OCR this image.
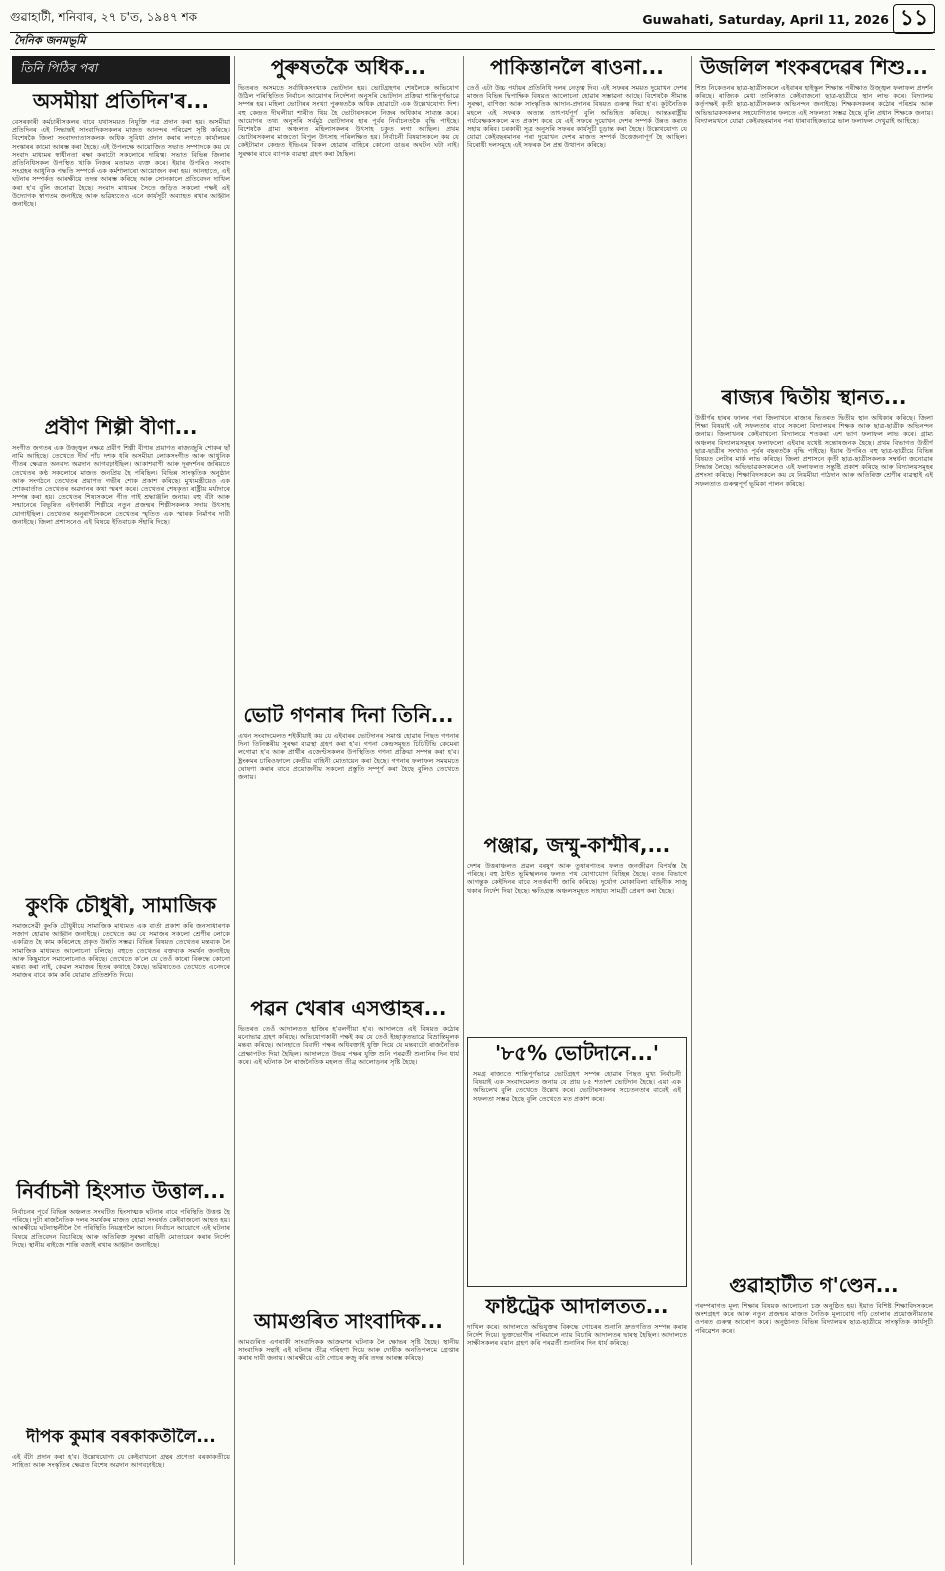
গুৱাহাটী, শনিবাৰ, ২৭ চ'ত, ১৯৪৭ শক	Guwahati, Saturday, April 11, 2026 ১১
দৈনিক জনমভূমি
তিনি পিঠিৰ পৰা
অসমীয়া প্ৰতিদিন'ৰ...

বেসৰকাৰী কৰ্মচাৰীসকলৰ বাবে যথাসময়ত নিযুক্তি পত্ৰ প্ৰদান কৰা হয়। অসমীয়া প্ৰতিদিনৰ এই সিদ্ধান্তই সাংবাদিকসকলৰ মাজত আনন্দৰ পৰিৱেশ সৃষ্টি কৰিছে। বিশেষকৈ জিলা সংবাদদাতাসকলক অধিক সুবিধা প্ৰদান কৰাৰ লগতে কাৰ্যালয়ৰ সংস্কাৰৰ কামো আৰম্ভ কৰা হৈছে। এই উপলক্ষে আয়োজিত সভাত সম্পাদকে কয় যে সংবাদ মাধ্যমৰ স্বাধীনতা ৰক্ষা কৰাটো সকলোৰে দায়িত্ব। সভাত বিভিন্ন জিলাৰ প্ৰতিনিধিসকল উপস্থিত থাকি নিজৰ মতামত ব্যক্ত কৰে। ইয়াৰ উপৰিও সংবাদ সংগ্ৰহৰ আধুনিক পদ্ধতি সম্পৰ্কে এক কৰ্মশালাৰো আয়োজন কৰা হয়। আনহাতে, এই ঘটনাৰ সম্পৰ্কত আৰক্ষীয়ে তদন্ত আৰম্ভ কৰিছে আৰু সোনকালে প্ৰতিবেদন দাখিল কৰা হ'ব বুলি জনোৱা হৈছে। সংবাদ মাধ্যমৰ সৈতে জড়িত সকলো পক্ষই এই উদ্যোগক স্বাগতম জনাইছে আৰু ভৱিষ্যতেও এনে কাৰ্যসূচী অব্যাহত ৰখাৰ আহ্বান জনাইছে।

প্ৰবীণ শিল্পী বীণা...

সংগীত জগতৰ এক উজ্জ্বল নক্ষত্ৰ প্ৰবীণ শিল্পী বীণাৰ প্ৰয়াণত ৰাজ্যজুৰি শোকৰ ছাঁ নামি আহিছে। তেখেতে দীৰ্ঘ পাঁচ দশক ধৰি অসমীয়া লোকসংগীত আৰু আধুনিক গীতৰ ক্ষেত্ৰত অনবদ্য অৱদান আগবঢ়াইছিল। আকাশবাণী আৰু দূৰদৰ্শনৰ জৰিয়তে তেখেতৰ কণ্ঠ সকলোৰে মাজত জনপ্ৰিয় হৈ পৰিছিল। বিভিন্ন সাংস্কৃতিক অনুষ্ঠান আৰু সংগঠনে তেখেতৰ প্ৰয়াণত গভীৰ শোক প্ৰকাশ কৰিছে। মুখ্যমন্ত্ৰীয়েও এক শোকবাৰ্তাত তেখেতৰ অৱদানৰ কথা স্মৰণ কৰে। তেখেতৰ শেষকৃত্য ৰাষ্ট্ৰীয় মৰ্যাদাৰে সম্পন্ন কৰা হয়। তেখেতৰ শিষ্যসকলে গীত গাই শ্ৰদ্ধাঞ্জলি জনায়। বহু বঁটা আৰু সন্মানেৰে বিভূষিত এইগৰাকী শিল্পীয়ে নতুন প্ৰজন্মৰ শিল্পীসকলক সদায় উৎসাহ যোগাইছিল। তেখেতৰ অনুৰাগীসকলে তেখেতৰ স্মৃতিত এক স্মাৰক নিৰ্মাণৰ দাবী জনাইছে। জিলা প্ৰশাসনেও এই বিষয়ে ইতিবাচক সঁহাৰি দিছে।

কুংকি চৌধুৰী, সামাজিক

সমাজসেৱী কুংকি চৌধুৰীয়ে সামাজিক মাধ্যমত এক বাৰ্তা প্ৰকাশ কৰি জনসাধাৰণক সজাগ হোৱাৰ আহ্বান জনাইছে। তেখেতে কয় যে সমাজৰ সকলো শ্ৰেণীৰ লোকে একত্ৰিত হৈ কাম কৰিলেহে প্ৰকৃত উন্নতি সম্ভৱ। বিভিন্ন বিষয়ত তেখেতৰ মন্তব্যক লৈ সামাজিক মাধ্যমত আলোচনা চলিছে। বহুতে তেখেতৰ বক্তব্যক সমৰ্থন জনাইছে আৰু কিছুমানে সমালোচনাও কৰিছে। তেখেতে ক'লে যে তেওঁ কাৰো বিৰুদ্ধে কোনো মন্তব্য কৰা নাই, কেৱল সমাজৰ হিতৰ কথাহে কৈছে। ভৱিষ্যতেও তেখেতে এনেদৰে সমাজৰ বাবে কাম কৰি যোৱাৰ প্ৰতিশ্ৰুতি দিয়ে।

নিৰ্বাচনী হিংসাত উত্তাল...

নিৰ্বাচনৰ পূৰ্বে বিভিন্ন অঞ্চলত সংঘটিত হিংসাত্মক ঘটনাৰ বাবে পৰিস্থিতি উত্তপ্ত হৈ পৰিছে। দুটা ৰাজনৈতিক দলৰ সমৰ্থকৰ মাজত হোৱা সংঘৰ্ষত কেইবাজনো আহত হয়। আৰক্ষীয়ে ঘটনাস্থলীলৈ গৈ পৰিস্থিতি নিয়ন্ত্ৰণলৈ আনে। নিৰ্বাচন আয়োগে এই ঘটনাৰ বিষয়ে প্ৰতিবেদন বিচাৰিছে আৰু অতিৰিক্ত সুৰক্ষা বাহিনী মোতায়েন কৰাৰ নিৰ্দেশ দিছে। স্থানীয় ৰাইজে শান্তি বজাই ৰখাৰ আহ্বান জনাইছে।

দীপক কুমাৰ বৰকাকতীলৈ...

এই বঁটা প্ৰদান কৰা হ'ব। উল্লেখযোগ্য যে কেইবাখনো গ্ৰন্থৰ প্ৰণেতা বৰকাকতীয়ে সাহিত্য আৰু সংস্কৃতিৰ ক্ষেত্ৰত বিশেষ অৱদান আগবঢ়াইছে।

পুৰুষতকৈ অধিক...

ভিতৰত অসমতে সৰ্বাধিকসংখ্যক ভোটদান হয়। ভোটগ্ৰহণৰ শেষলৈকে অভিযোগ উঠিল পৰিস্থিতিত নিৰ্বাচন আয়োগৰ নিৰ্দেশনা অনুসৰি ভোটদান প্ৰক্ৰিয়া শান্তিপূৰ্ণভাৱে সম্পন্ন হয়। মহিলা ভোটাৰৰ সংখ্যা পুৰুষতকৈ অধিক হোৱাটো এক উল্লেখযোগ্য দিশ। বহু কেন্দ্ৰত দীঘলীয়া শাৰীত থিয় হৈ ভোটাৰসকলে নিজৰ অধিকাৰ সাব্যস্ত কৰে। আয়োগৰ তথ্য অনুসৰি সৰ্বমুঠ ভোটদানৰ হাৰ পূৰ্বৰ নিৰ্বাচনতকৈ বৃদ্ধি পাইছে। বিশেষকৈ গ্ৰাম্য অঞ্চলত মহিলাসকলৰ উৎসাহ চকুত লগা আছিল। প্ৰথম ভোটাৰসকলৰ মাজতো বিপুল উৎসাহ পৰিলক্ষিত হয়। নিৰ্বাচনী বিষয়াসকলে কয় যে কেইটামান কেন্দ্ৰত ইভিএম বিকল হোৱাৰ বাহিৰে কোনো ডাঙৰ অঘটন ঘটা নাই। সুৰক্ষাৰ বাবে ব্যাপক ব্যৱস্থা গ্ৰহণ কৰা হৈছিল।

ভোট গণনাৰ দিনা তিনি...

এখন সংবাদমেলত শইকীয়াই কয় যে এইবাৰৰ ভোটদানৰ সমাপ্ত হোৱাৰ পিছত গণনাৰ দিনা তিনিস্তৰীয় সুৰক্ষা ব্যৱস্থা গ্ৰহণ কৰা হ'ব। গণনা কেন্দ্ৰসমূহত চিচিটিভি কেমেৰা লগোৱা হ'ব আৰু প্ৰাৰ্থীৰ এজেণ্টসকলৰ উপস্থিতিত গণনা প্ৰক্ৰিয়া সম্পন্ন কৰা হ'ব। ষ্ট্ৰংৰুমৰ চাৰিওফালে কেন্দ্ৰীয় বাহিনী মোতায়েন কৰা হৈছে। গণনাৰ ফলাফল সময়মতে ঘোষণা কৰাৰ বাবে প্ৰয়োজনীয় সকলো প্ৰস্তুতি সম্পূৰ্ণ কৰা হৈছে বুলিও তেখেতে জনায়।

পৱন খেৰাৰ এসপ্তাহৰ...

ভিতৰত তেওঁ আদালতত হাজিৰ হ'বলগীয়া হ'ব। আদালতে এই বিষয়ত কঠোৰ মনোভাৱ গ্ৰহণ কৰিছে। অভিযোগকাৰী পক্ষই কয় যে তেওঁ ইচ্ছাকৃতভাৱে বিভ্ৰান্তিমূলক মন্তব্য কৰিছে। আনহাতে বিবাদী পক্ষৰ অধিবক্তাই যুক্তি দিয়ে যে মন্তব্যটো ৰাজনৈতিক প্ৰেক্ষাপটত দিয়া হৈছিল। আদালতে উভয় পক্ষৰ যুক্তি শুনি পৰৱৰ্তী শুনানিৰ দিন ধাৰ্য কৰে। এই ঘটনাক লৈ ৰাজনৈতিক মহলত তীব্ৰ আলোড়নৰ সৃষ্টি হৈছে।

আমগুৰিত সাংবাদিক...

আমগুৰিত এগৰাকী সাংবাদিকক আক্ৰমণৰ ঘটনাক লৈ ক্ষোভৰ সৃষ্টি হৈছে। স্থানীয় সাংবাদিক সন্থাই এই ঘটনাৰ তীব্ৰ গৰিহণা দিয়ে আৰু দোষীক অনতিপলমে গ্ৰেপ্তাৰ কৰাৰ দাবী জনায়। আৰক্ষীয়ে এটা গোচৰ ৰুজু কৰি তদন্ত আৰম্ভ কৰিছে।

পাকিস্তানলৈ ৰাওনা...

তেওঁ এটা উচ্চ পৰ্যায়ৰ প্ৰতিনিধি দলৰ নেতৃত্ব দিব। এই সফৰৰ সময়ত দুয়োখন দেশৰ মাজত বিভিন্ন দ্বিপাক্ষিক বিষয়ত আলোচনা হোৱাৰ সম্ভাৱনা আছে। বিশেষকৈ সীমান্ত সুৰক্ষা, বাণিজ্য আৰু সাংস্কৃতিক আদান-প্ৰদানৰ বিষয়ত গুৰুত্ব দিয়া হ'ব। কূটনৈতিক মহলে এই সফৰক অত্যন্ত তাৎপৰ্যপূৰ্ণ বুলি অভিহিত কৰিছে। আন্তঃৰাষ্ট্ৰীয় পৰ্যবেক্ষকসকলে মত প্ৰকাশ কৰে যে এই সফৰে দুয়োখন দেশৰ সম্পৰ্ক উন্নত কৰাত সহায় কৰিব। চৰকাৰী সূত্ৰ অনুসৰি সফৰৰ কাৰ্যসূচী চূড়ান্ত কৰা হৈছে। উল্লেখযোগ্য যে যোৱা কেইবছৰমানৰ পৰা দুয়োখন দেশৰ মাজত সম্পৰ্ক উত্তেজনাপূৰ্ণ হৈ আছিল। বিৰোধী দলসমূহে এই সফৰক লৈ প্ৰশ্ন উত্থাপন কৰিছে।

পঞ্জাৱ, জম্মু-কাশ্মীৰ,...

দেশৰ উত্তৰাঞ্চলত প্ৰৱল বৰষুণ আৰু তুষাৰপাতৰ ফলত জনজীৱন বিপৰ্যস্ত হৈ পৰিছে। বহু ঠাইত ভূমিস্খলনৰ ফলত পথ যোগাযোগ বিচ্ছিন্ন হৈছে। বতৰ বিভাগে আগন্তুক কেইদিনৰ বাবে সতৰ্কবাণী জাৰি কৰিছে। দুৰ্যোগ মোকাবিলা বাহিনীক সাজু থকাৰ নিৰ্দেশ দিয়া হৈছে। ক্ষতিগ্ৰস্ত অঞ্চলসমূহত সাহায্য সামগ্ৰী প্ৰেৰণ কৰা হৈছে।

'৮৫% ভোটদানে...'

সমগ্ৰ ৰাজ্যতে শান্তিপূৰ্ণভাৱে ভোটগ্ৰহণ সম্পন্ন হোৱাৰ পিছত মুখ্য নিৰ্বাচনী বিষয়াই এক সংবাদমেলত জনায় যে প্ৰায় ৮৫ শতাংশ ভোটদান হৈছে। এয়া এক অভিলেখ বুলি তেখেতে উল্লেখ কৰে। ভোটাৰসকলৰ সচেতনতাৰ বাবেই এই সফলতা সম্ভৱ হৈছে বুলি তেখেতে মত প্ৰকাশ কৰে।

ফাষ্টট্ৰেক আদালতত...

দাখিল কৰে। আদালতে অভিযুক্তৰ বিৰুদ্ধে গোচৰৰ শুনানি দ্ৰুতগতিত সম্পন্ন কৰাৰ নিৰ্দেশ দিয়ে। ভুক্তভোগীৰ পৰিয়ালে ন্যায় বিচাৰি আদালতৰ দ্বাৰস্থ হৈছিল। আদালতে সাক্ষীসকলৰ বয়ান গ্ৰহণ কৰি পৰৱৰ্তী শুনানিৰ দিন ধাৰ্য কৰিছে।

উজলিল শংকৰদেৱৰ শিশু...

শিশু নিকেতনৰ ছাত্ৰ-ছাত্ৰীসকলে এইবাৰৰ হাইস্কুল শিক্ষান্ত পৰীক্ষাত উজ্জ্বল ফলাফল প্ৰদৰ্শন কৰিছে। ৰাজ্যিক মেধা তালিকাত কেইবাজনো ছাত্ৰ-ছাত্ৰীয়ে স্থান লাভ কৰে। বিদ্যালয় কৰ্তৃপক্ষই কৃতী ছাত্ৰ-ছাত্ৰীসকলক অভিনন্দন জনাইছে। শিক্ষকসকলৰ কঠোৰ পৰিশ্ৰম আৰু অভিভাৱকসকলৰ সহযোগিতাৰ ফলতে এই সফলতা সম্ভৱ হৈছে বুলি প্ৰধান শিক্ষকে জনায়। বিদ্যালয়খনে যোৱা কেইবছৰমানৰ পৰা ধাৰাবাহিকভাৱে ভাল ফলাফল দেখুৱাই আহিছে।

ৰাজ্যৰ দ্বিতীয় স্থানত...

উত্তীৰ্ণৰ হাৰৰ ফালৰ পৰা জিলাখনে ৰাজ্যৰ ভিতৰত দ্বিতীয় স্থান অধিকাৰ কৰিছে। জিলা শিক্ষা বিষয়াই এই সফলতাৰ বাবে সকলো বিদ্যালয়ৰ শিক্ষক আৰু ছাত্ৰ-ছাত্ৰীক অভিনন্দন জনায়। জিলাখনৰ কেইবাখনো বিদ্যালয়ে শতকৰা এশ ভাগ ফলাফল লাভ কৰে। গ্ৰাম্য অঞ্চলৰ বিদ্যালয়সমূহৰ ফলাফলো এইবাৰ যথেষ্ট সন্তোষজনক হৈছে। প্ৰথম বিভাগত উত্তীৰ্ণ ছাত্ৰ-ছাত্ৰীৰ সংখ্যাও পূৰ্বৰ বছৰতকৈ বৃদ্ধি পাইছে। ইয়াৰ উপৰিও বহু ছাত্ৰ-ছাত্ৰীয়ে বিভিন্ন বিষয়ত লেটাৰ মাৰ্ক লাভ কৰিছে। জিলা প্ৰশাসনে কৃতী ছাত্ৰ-ছাত্ৰীসকলক সম্বৰ্ধনা জনোৱাৰ সিদ্ধান্ত লৈছে। অভিভাৱকসকলেও এই ফলাফলত সন্তুষ্টি প্ৰকাশ কৰিছে আৰু বিদ্যালয়সমূহৰ প্ৰশংসা কৰিছে। শিক্ষাবিদসকলে কয় যে নিয়মীয়া পাঠদান আৰু অতিৰিক্ত শ্ৰেণীৰ ব্যৱস্থাই এই সফলতাত গুৰুত্বপূৰ্ণ ভূমিকা পালন কৰিছে।

গুৱাহাটীত গ'ণ্ডেন...

পৰম্পৰাগত মূল্য শিক্ষাৰ বিষয়ক আলোচনা চক্ৰ অনুষ্ঠিত হয়। ইয়াত বিশিষ্ট শিক্ষাবিদসকলে অংশগ্ৰহণ কৰে আৰু নতুন প্ৰজন্মৰ মাজত নৈতিক মূল্যবোধ গঢ়ি তোলাৰ প্ৰয়োজনীয়তাৰ ওপৰত গুৰুত্ব আৰোপ কৰে। অনুষ্ঠানত বিভিন্ন বিদ্যালয়ৰ ছাত্ৰ-ছাত্ৰীয়ে সাংস্কৃতিক কাৰ্যসূচী পৰিৱেশন কৰে।
